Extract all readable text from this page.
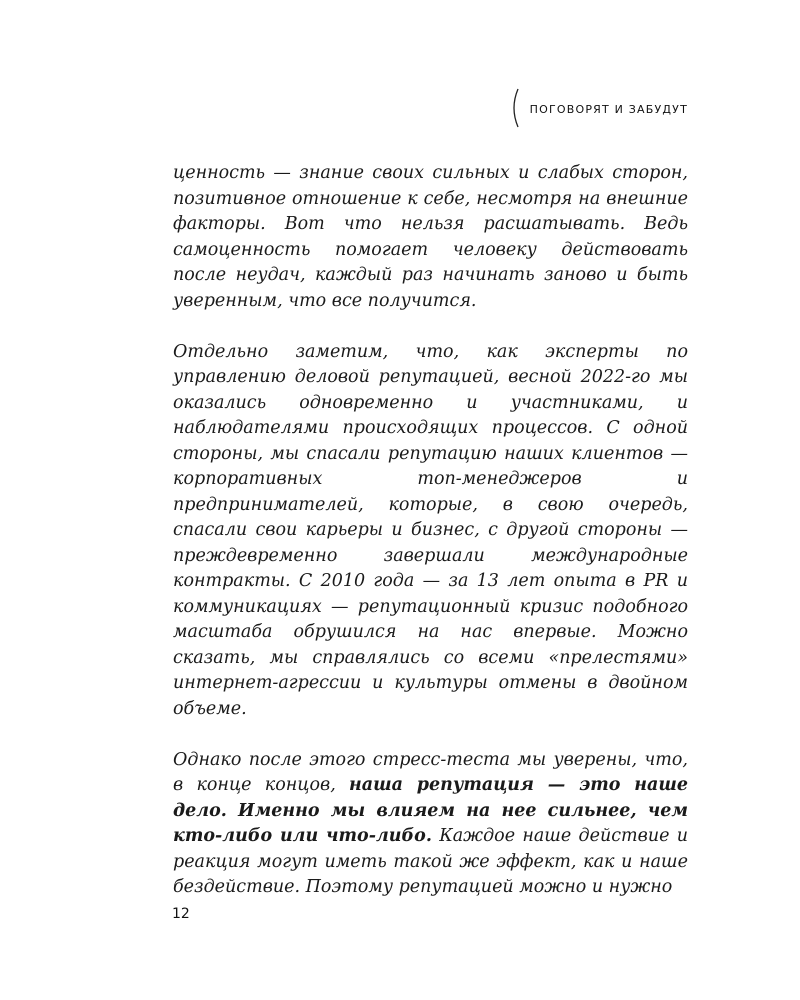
ПОГОВОРЯТ И ЗАБУДУТ

ценность — знание своих сильных и слабых сторон, позитивное отношение к себе, несмотря на внешние факторы. Вот что нельзя расшатывать. Ведь самоценность помогает человеку действовать после неудач, каждый раз начинать заново и быть уверенным, что все получится.

Отдельно заметим, что, как эксперты по управлению деловой репутацией, весной 2022-го мы оказались одновременно и участниками, и наблюдателями происходящих процессов. С одной стороны, мы спасали репутацию наших клиентов — корпоративных топ-менеджеров и предпринимателей, которые, в свою очередь, спасали свои карьеры и бизнес, с другой стороны — преждевременно завершали международные контракты. С 2010 года — за 13 лет опыта в PR и коммуникациях — репутационный кризис подобного масштаба обрушился на нас впервые. Можно сказать, мы справлялись со всеми «прелестями» интернет-агрессии и культуры отмены в двойном объеме.

Однако после этого стресс-теста мы уверены, что, в конце концов, наша репутация — это наше дело. Именно мы влияем на нее сильнее, чем кто-либо или что-либо. Каждое наше действие и реакция могут иметь такой же эффект, как и наше бездействие. Поэтому репутацией можно и нужно

12
